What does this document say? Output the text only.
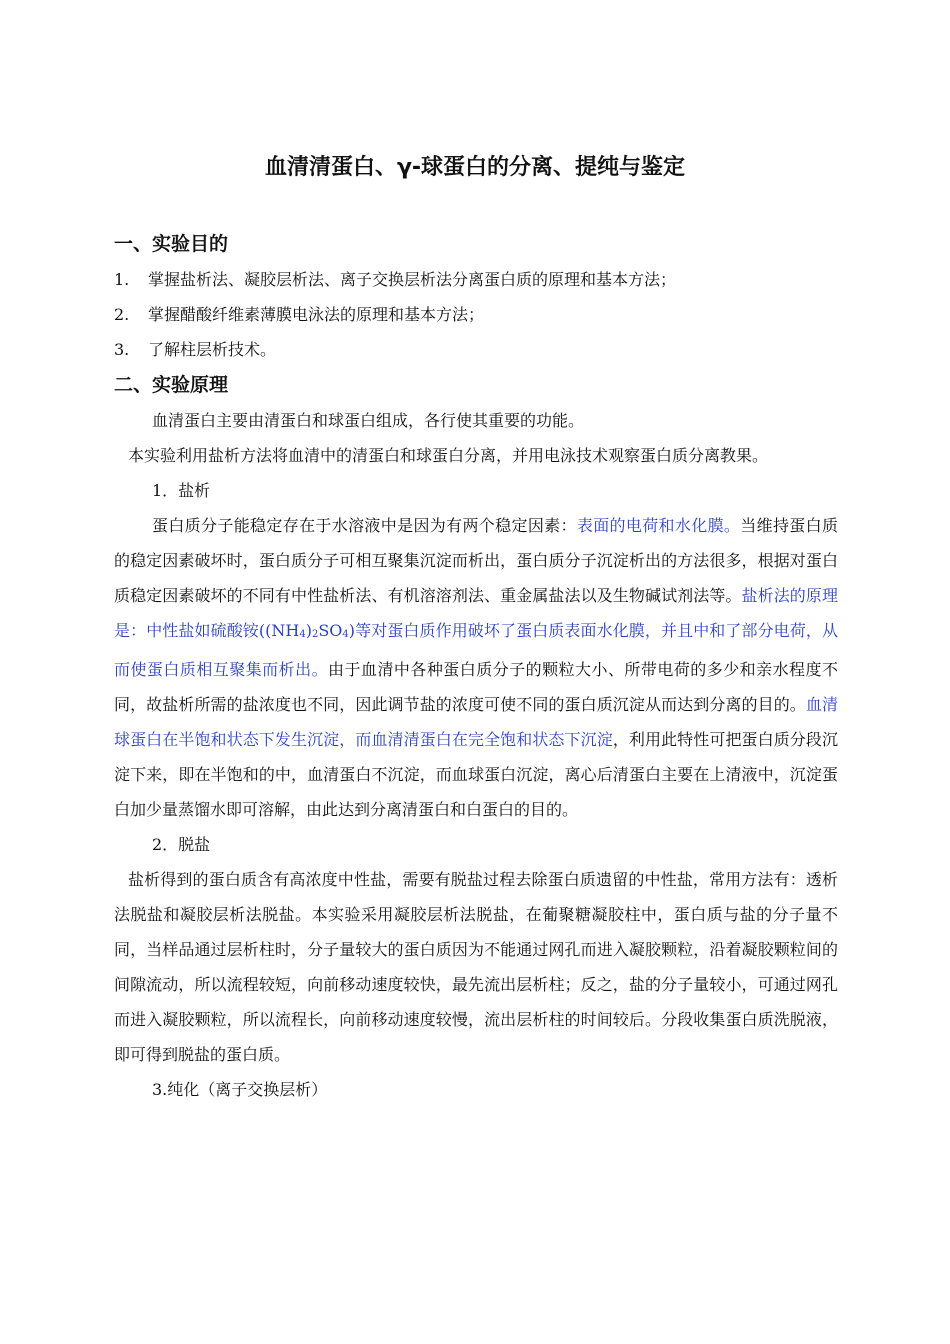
血清清蛋白、γ-球蛋白的分离、提纯与鉴定
一、实验目的
1.	掌握盐析法、凝胶层析法、离子交换层析法分离蛋白质的原理和基本方法；
2.	掌握醋酸纤维素薄膜电泳法的原理和基本方法；
3.	了解柱层析技术。
二、实验原理
血清蛋白主要由清蛋白和球蛋白组成，各行使其重要的功能。
本实验利用盐析方法将血清中的清蛋白和球蛋白分离，并用电泳技术观察蛋白质分离教果。
1．盐析
蛋白质分子能稳定存在于水溶液中是因为有两个稳定因素：表面的电荷和水化膜。当维持蛋白质的稳定因素破坏时，蛋白质分子可相互聚集沉淀而析出，蛋白质分子沉淀析出的方法很多，根据对蛋白质稳定因素破坏的不同有中性盐析法、有机溶溶剂法、重金属盐法以及生物碱试剂法等。盐析法的原理是：中性盐如硫酸铵((NH4)2SO4)等对蛋白质作用破坏了蛋白质表面水化膜，并且中和了部分电荷，从而使蛋白质相互聚集而析出。由于血清中各种蛋白质分子的颗粒大小、所带电荷的多少和亲水程度不同，故盐析所需的盐浓度也不同，因此调节盐的浓度可使不同的蛋白质沉淀从而达到分离的目的。血清球蛋白在半饱和状态下发生沉淀，而血清清蛋白在完全饱和状态下沉淀，利用此特性可把蛋白质分段沉淀下来，即在半饱和的中，血清蛋白不沉淀，而血球蛋白沉淀，离心后清蛋白主要在上清液中，沉淀蛋白加少量蒸馏水即可溶解，由此达到分离清蛋白和白蛋白的目的。
2．脱盐
盐析得到的蛋白质含有高浓度中性盐，需要有脱盐过程去除蛋白质遗留的中性盐，常用方法有：透析法脱盐和凝胶层析法脱盐。本实验采用凝胶层析法脱盐，在葡聚糖凝胶柱中，蛋白质与盐的分子量不同，当样品通过层析柱时，分子量较大的蛋白质因为不能通过网孔而进入凝胶颗粒，沿着凝胶颗粒间的间隙流动，所以流程较短，向前移动速度较快，最先流出层析柱；反之，盐的分子量较小，可通过网孔而进入凝胶颗粒，所以流程长，向前移动速度较慢，流出层析柱的时间较后。分段收集蛋白质洗脱液，即可得到脱盐的蛋白质。
3.纯化（离子交换层析）
